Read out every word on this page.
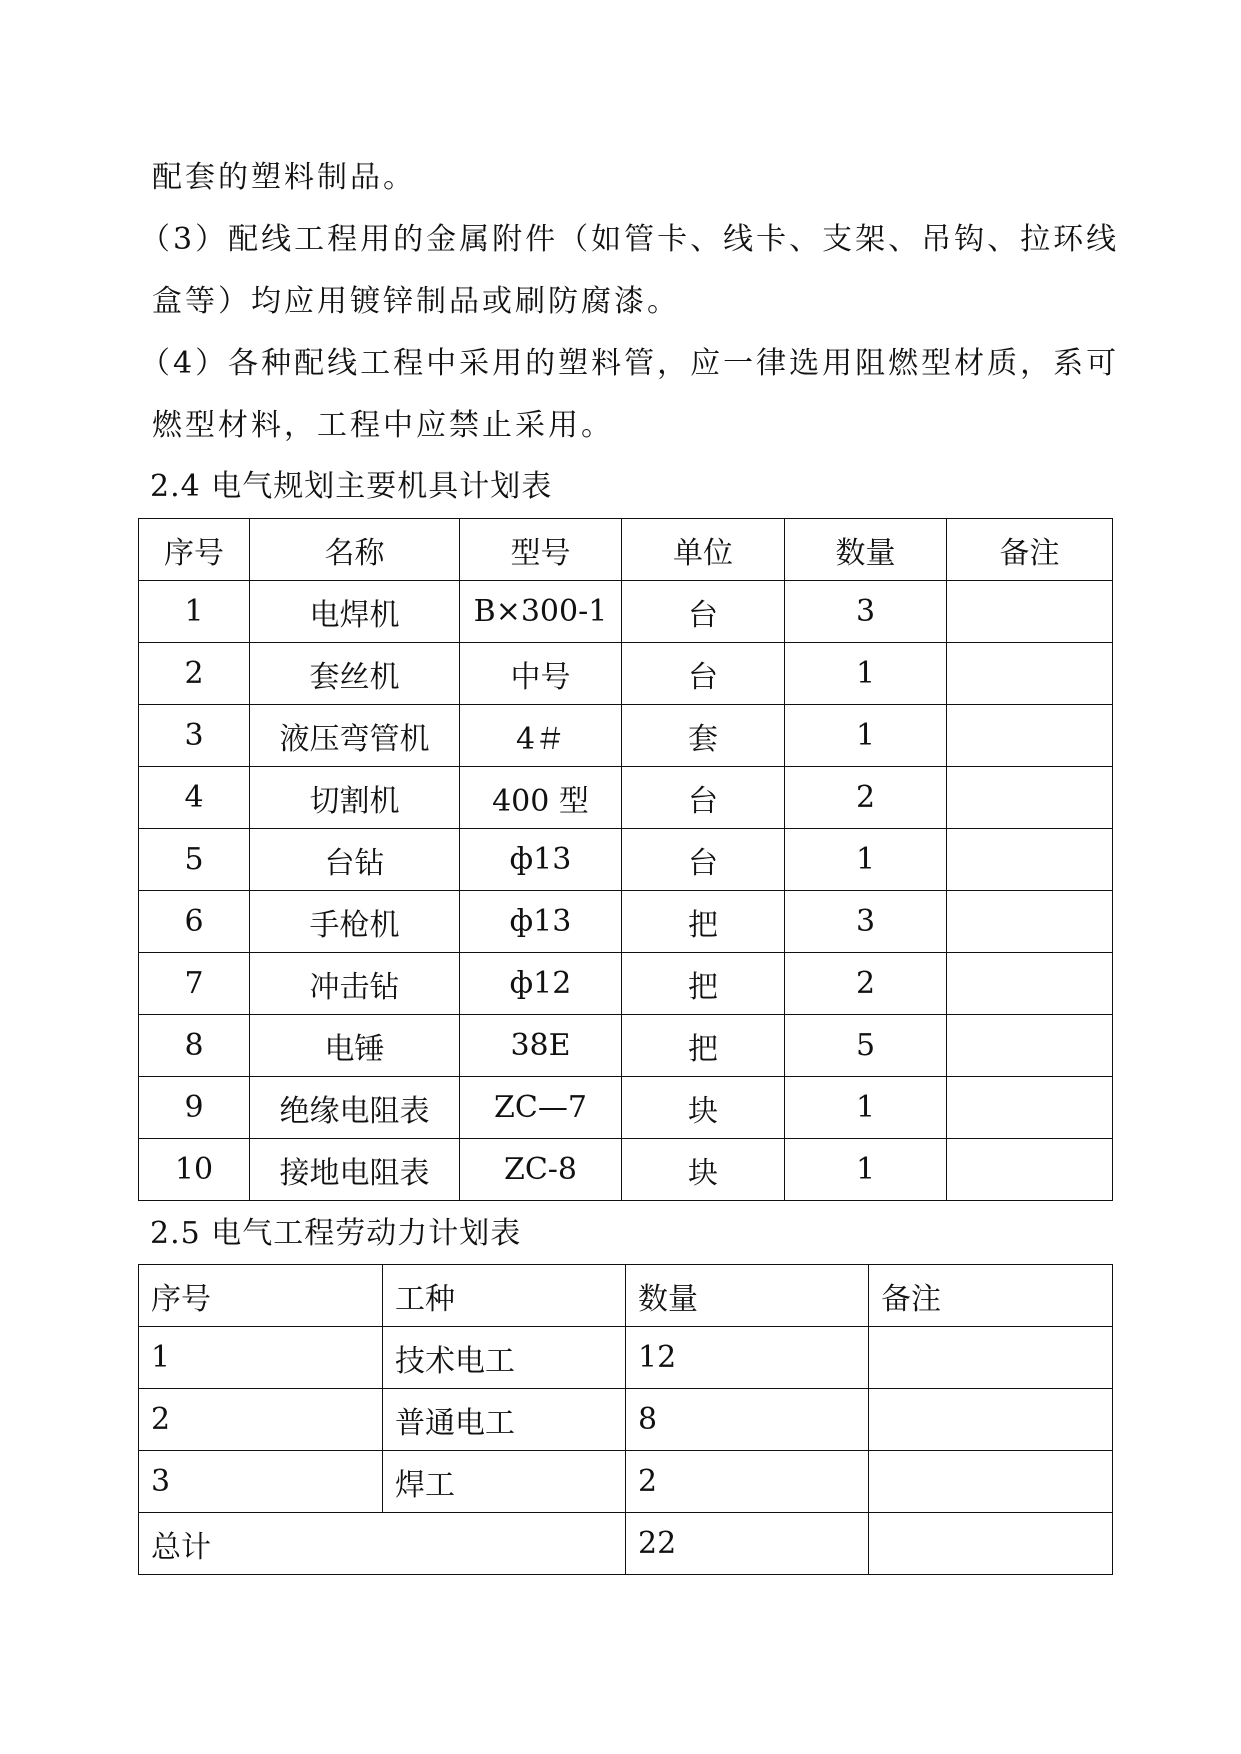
配套的塑料制品。

（3）配线工程用的金属附件（如管卡、线卡、支架、吊钩、拉环线

盒等）均应用镀锌制品或刷防腐漆。

（4）各种配线工程中采用的塑料管，应一律选用阻燃型材质，系可

燃型材料，工程中应禁止采用。

2.4 电气规划主要机具计划表
序号	名称	型号	单位	数量	备注
1	电焊机	B×300-1	台	3	
2	套丝机	中号	台	1	
3	液压弯管机	4＃	套	1	
4	切割机	400 型	台	2	
5	台钻	ф13	台	1	
6	手枪机	ф13	把	3	
7	冲击钻	ф12	把	2	
8	电锤	38E	把	5	
9	绝缘电阻表	ZC—7	块	1	
10	接地电阻表	ZC-8	块	1	
2.5 电气工程劳动力计划表
序号	工种	数量	备注
1	技术电工	12	
2	普通电工	8	
3	焊工	2	
总计		22	
